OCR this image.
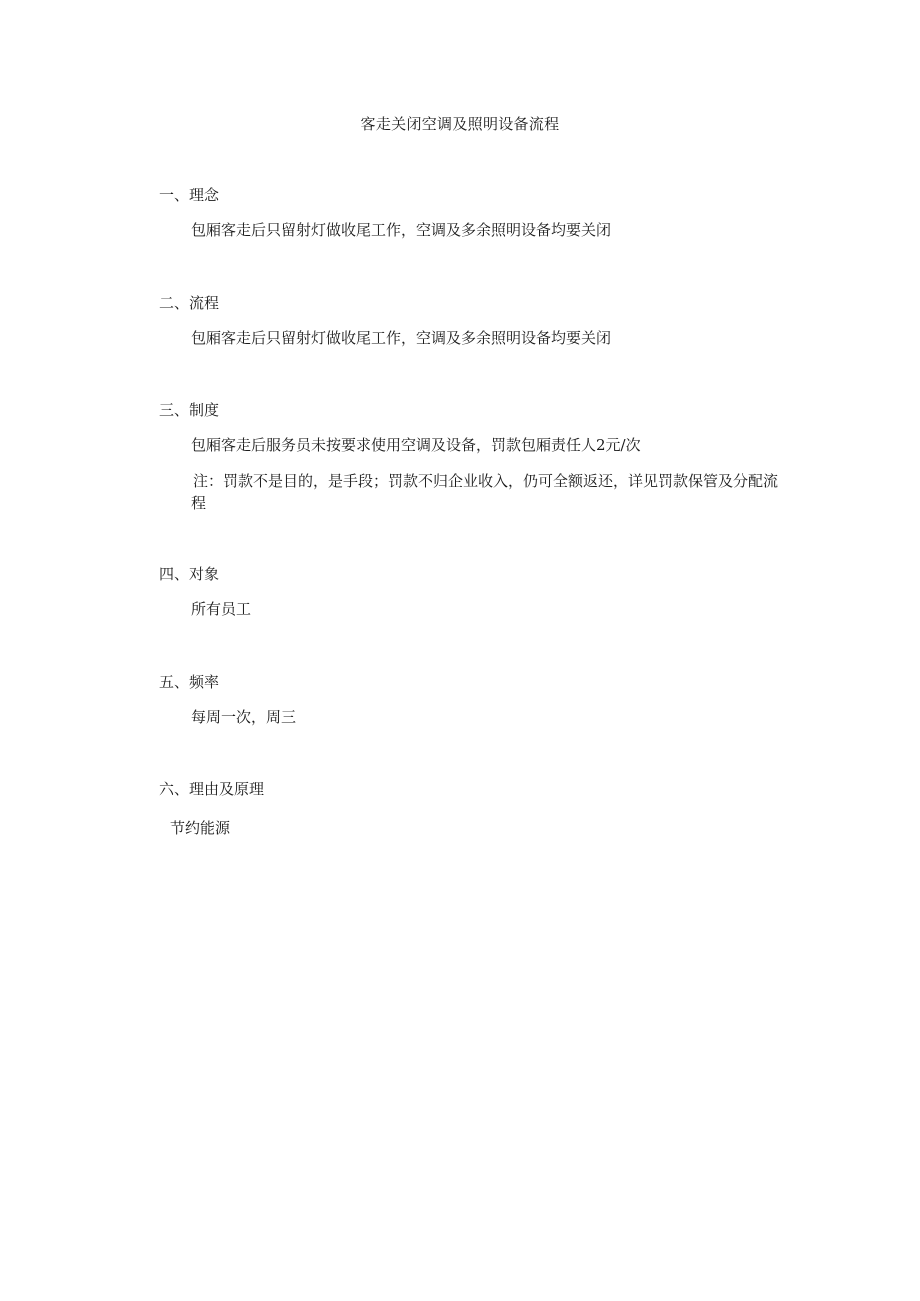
客走关闭空调及照明设备流程
一、理念
包厢客走后只留射灯做收尾工作，空调及多余照明设备均要关闭
二、流程
包厢客走后只留射灯做收尾工作，空调及多余照明设备均要关闭
三、制度
包厢客走后服务员未按要求使用空调及设备，罚款包厢责任人2元/次
注：罚款不是目的，是手段；罚款不归企业收入，仍可全额返还，详见罚款保管及分配流程
四、对象
所有员工
五、频率
每周一次，周三
六、理由及原理
节约能源
